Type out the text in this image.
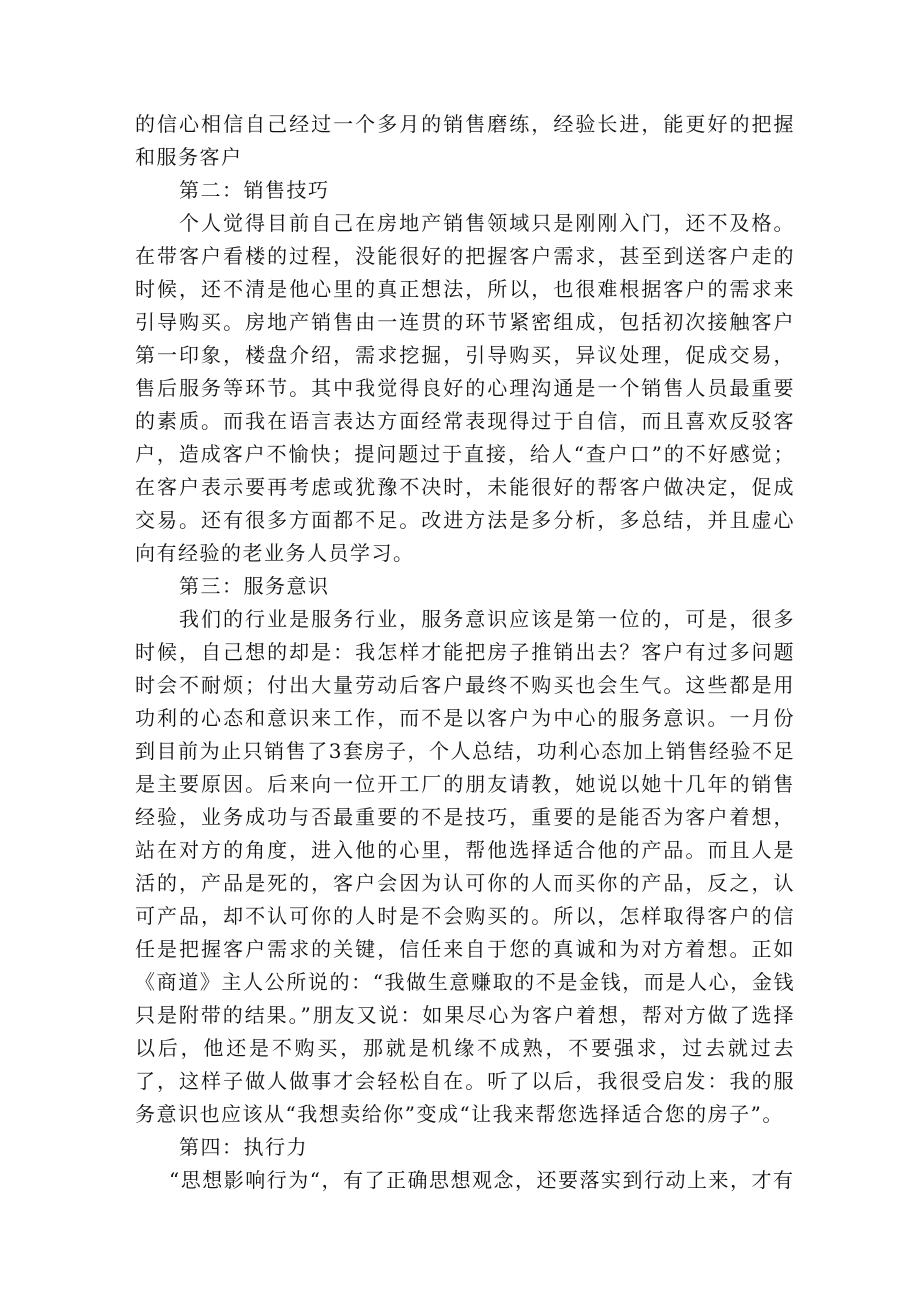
的信心相信自己经过一个多月的销售磨练，经验长进，能更好的把握和服务客户

第二：销售技巧

个人觉得目前自己在房地产销售领域只是刚刚入门，还不及格。在带客户看楼的过程，没能很好的把握客户需求，甚至到送客户走的时候，还不清是他心里的真正想法，所以，也很难根据客户的需求来引导购买。房地产销售由一连贯的环节紧密组成，包括初次接触客户第一印象，楼盘介绍，需求挖掘，引导购买，异议处理，促成交易，售后服务等环节。其中我觉得良好的心理沟通是一个销售人员最重要的素质。而我在语言表达方面经常表现得过于自信，而且喜欢反驳客户，造成客户不愉快；提问题过于直接，给人“查户口”的不好感觉；在客户表示要再考虑或犹豫不决时，未能很好的帮客户做决定，促成交易。还有很多方面都不足。改进方法是多分析，多总结，并且虚心向有经验的老业务人员学习。

第三：服务意识

我们的行业是服务行业，服务意识应该是第一位的，可是，很多时候，自己想的却是：我怎样才能把房子推销出去？客户有过多问题时会不耐烦；付出大量劳动后客户最终不购买也会生气。这些都是用功利的心态和意识来工作，而不是以客户为中心的服务意识。一月份到目前为止只销售了3套房子，个人总结，功利心态加上销售经验不足是主要原因。后来向一位开工厂的朋友请教，她说以她十几年的销售经验，业务成功与否最重要的不是技巧，重要的是能否为客户着想，站在对方的角度，进入他的心里，帮他选择适合他的产品。而且人是活的，产品是死的，客户会因为认可你的人而买你的产品，反之，认可产品，却不认可你的人时是不会购买的。所以，怎样取得客户的信任是把握客户需求的关键，信任来自于您的真诚和为对方着想。正如《商道》主人公所说的：“我做生意赚取的不是金钱，而是人心，金钱只是附带的结果。”朋友又说：如果尽心为客户着想，帮对方做了选择以后，他还是不购买，那就是机缘不成熟，不要强求，过去就过去了，这样子做人做事才会轻松自在。听了以后，我很受启发：我的服务意识也应该从“我想卖给你”变成“让我来帮您选择适合您的房子”。

第四：执行力

“思想影响行为“，有了正确思想观念，还要落实到行动上来，才有
